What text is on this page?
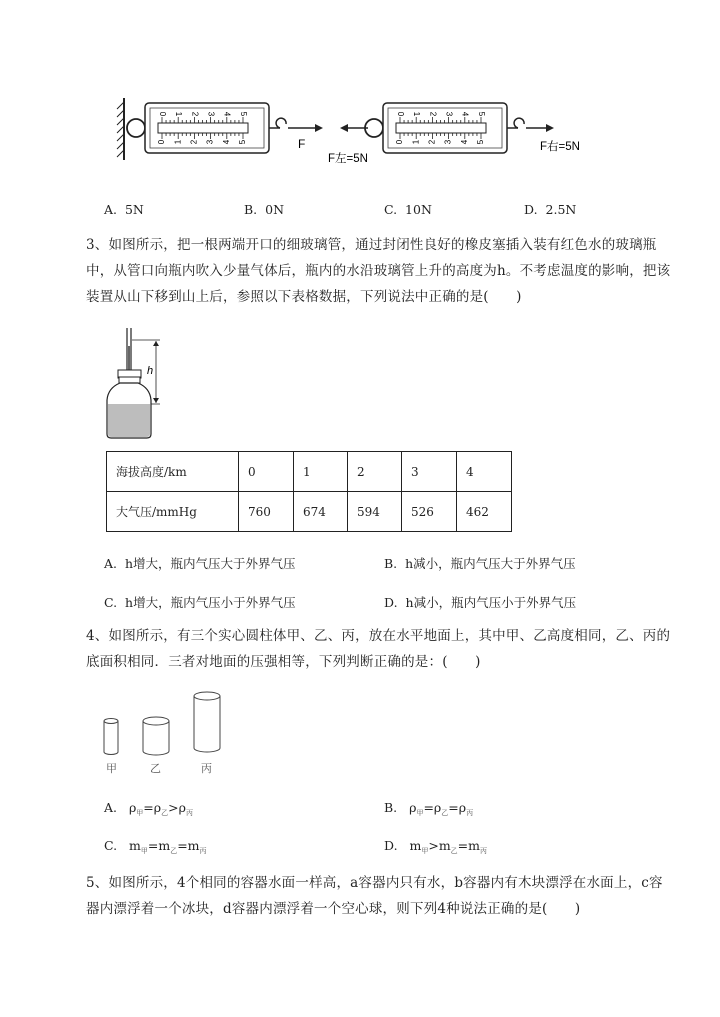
0
0
1
1
2
2
3
3
4
4
5
5	F
0
0
1
1
2
2
3
3
4
4
5
5
F左=5N
F右=5N
A. 5N	B. 0N	C. 10N	D. 2.5N
3、如图所示，把一根两端开口的细玻璃管，通过封闭性良好的橡皮塞插入装有红色水的玻璃瓶中，从管口向瓶内吹入少量气体后，瓶内的水沿玻璃管上升的高度为h。不考虑温度的影响，把该装置从山下移到山上后，参照以下表格数据，下列说法中正确的是(　　)
h
海拔高度/km	0	1	2	3	4
大气压/mmHg	760	674	594	526	462
A. h增大，瓶内气压大于外界气压	B. h减小，瓶内气压大于外界气压
C. h增大，瓶内气压小于外界气压	D. h减小，瓶内气压小于外界气压
4、如图所示，有三个实心圆柱体甲、乙、丙，放在水平地面上，其中甲、乙高度相同，乙、丙的底面积相同．三者对地面的压强相等，下列判断正确的是：(　　)
甲	乙	丙
A. $\rho_甲=\rho_乙>\rho_丙$	B. $\rho_甲=\rho_乙=\rho_丙$
C. $m_甲=m_乙=m_丙$	D. $m_甲>m_乙=m_丙$
5、如图所示，4个相同的容器水面一样高，a容器内只有水，b容器内有木块漂浮在水面上，c容器内漂浮着一个冰块，d容器内漂浮着一个空心球，则下列4种说法正确的是(　　)
